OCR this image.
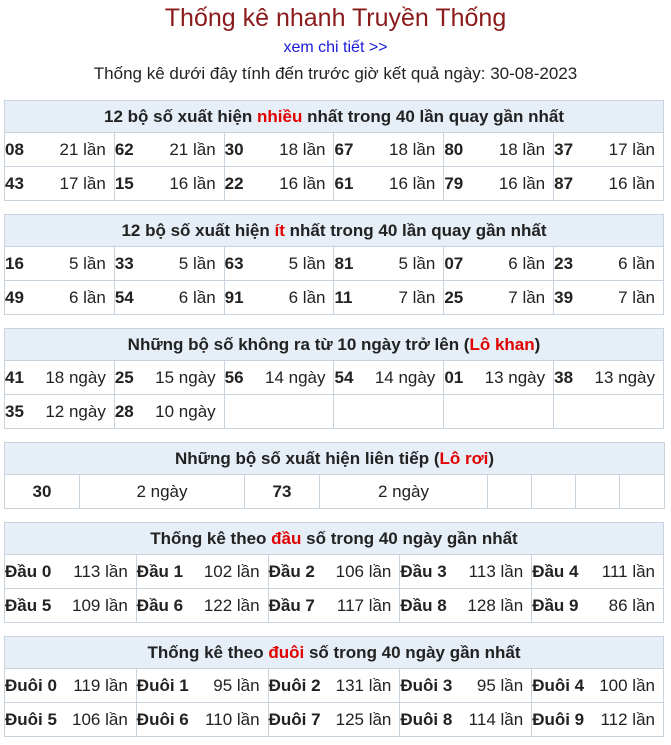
Thống kê nhanh Truyền Thống
xem chi tiết >>
Thống kê dưới đây tính đến trước giờ kết quả ngày: 30-08-2023
12 bộ số xuất hiện nhiều nhất trong 40 lần quay gần nhất					
08 21 lần	62 21 lần	30 18 lần	67 18 lần	80 18 lần	37 17 lần

43 17 lần	15 16 lần	22 16 lần	61 16 lần	79 16 lần	87 16 lần
12 bộ số xuất hiện ít nhất trong 40 lần quay gần nhất					
16 5 lần	33 5 lần	63 5 lần	81 5 lần	07 6 lần	23 6 lần

49 6 lần	54 6 lần	91 6 lần	11 7 lần	25 7 lần	39 7 lần
Những bộ số không ra từ 10 ngày trở lên (Lô khan)					
41 18 ngày	25 15 ngày	56 14 ngày	54 14 ngày	01 13 ngày	38 13 ngày

35 12 ngày	28 10 ngày				

Những bộ số xuất hiện liên tiếp (Lô rơi)
30	2 ngày	73	2 ngày				
Thống kê theo đầu số trong 40 ngày gần nhất				
Đầu 0 113 lần	Đầu 1 102 lần	Đầu 2 106 lần	Đầu 3 113 lần	Đầu 4 111 lần

Đầu 5 109 lần	Đầu 6 122 lần	Đầu 7 117 lần	Đầu 8 128 lần	Đầu 9 86 lần
Thống kê theo đuôi số trong 40 ngày gần nhất				
Đuôi 0 119 lần	Đuôi 1 95 lần	Đuôi 2 131 lần	Đuôi 3 95 lần	Đuôi 4 100 lần

Đuôi 5 106 lần	Đuôi 6 110 lần	Đuôi 7 125 lần	Đuôi 8 114 lần	Đuôi 9 112 lần
